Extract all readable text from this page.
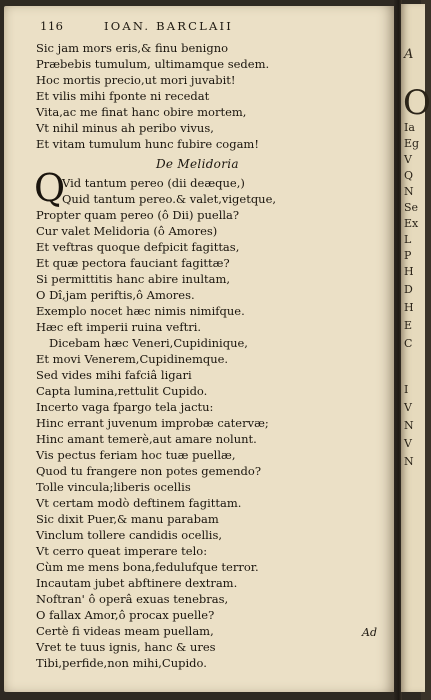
116	IOAN. BARCLAII
Sic jam mors eris,& finu benigno
Præbebis tumulum, ultimamque sedem.
Hoc mortis precio,ut mori juvabit!
Et vilis mihi fponte ni recedat
Vita,ac me finat hanc obire mortem,
Vt nihil minus ah peribo vivus,
Et vitam tumulum hunc fubire cogam!
De Melidoria
Q
Vid tantum pereo (dii deæque,)
Quid tantum pereo.& valet,vigetque,
Propter quam pereo (ô Dii) puella?
Cur valet Melidoria (ô Amores)
Et veftras quoque defpicit fagittas,
Et quæ pectora fauciant fagittæ?
Si permittitis hanc abire inultam,
O Dî,jam periftis,ô Amores.
Exemplo nocet hæc nimis nimifque.
Hæc eft imperii ruina veftri.
Dicebam hæc Veneri,Cupidinique,
Et movi Venerem,Cupidinemque.
Sed vides mihi fafciâ ligari
Capta lumina,rettulit Cupido.
Incerto vaga fpargo tela jactu:
Hinc errant juvenum improbæ catervæ;
Hinc amant temerè,aut amare nolunt.
Vis pectus feriam hoc tuæ puellæ,
Quod tu frangere non potes gemendo?
Tolle vincula;liberis ocellis
Vt certam modò deftinem fagittam.
Sic dixit Puer,& manu parabam
Vinclum tollere candidis ocellis,
Vt cerro queat imperare telo:
Cùm me mens bona,fedulufque terror.
Incautam jubet abftinere dextram.
Noftran' ô operâ exuas tenebras,
O fallax Amor,ô procax puelle?
Certè fi videas meam puellam,
Vret te tuus ignis, hanc & ures
Tibi,perfide,non mihi,Cupido.
Ad
A
O
Ia
Eg
V
Q
N
Se
Ex
L
P
H
D
H
E
C
I
V
N
V
N
